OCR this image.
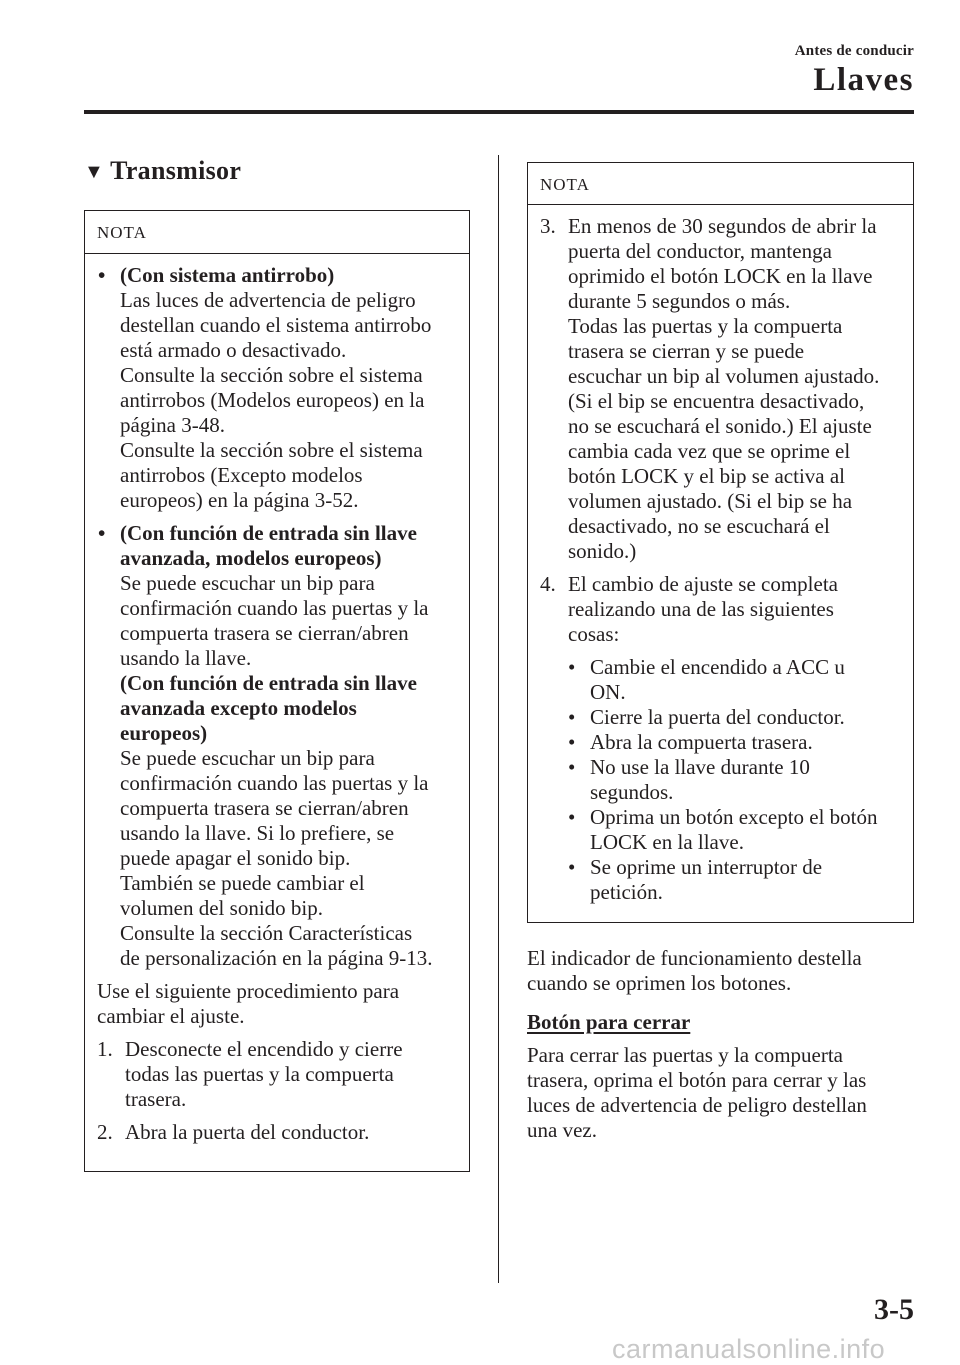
Antes de conducir
Llaves
▼ Transmisor
NOTA
• (Con sistema antirrobo)
Las luces de advertencia de peligro
destellan cuando el sistema antirrobo
está armado o desactivado.
Consulte la sección sobre el sistema
antirrobos (Modelos europeos) en la
página 3-48.
Consulte la sección sobre el sistema
antirrobos (Excepto modelos
europeos) en la página 3-52.
• (Con función de entrada sin llave
avanzada, modelos europeos)
Se puede escuchar un bip para
confirmación cuando las puertas y la
compuerta trasera se cierran/abren
usando la llave.
(Con función de entrada sin llave
avanzada excepto modelos
europeos)
Se puede escuchar un bip para
confirmación cuando las puertas y la
compuerta trasera se cierran/abren
usando la llave. Si lo prefiere, se
puede apagar el sonido bip.
También se puede cambiar el
volumen del sonido bip.
Consulte la sección Características
de personalización en la página 9-13.
Use el siguiente procedimiento para
cambiar el ajuste.
1. Desconecte el encendido y cierre
todas las puertas y la compuerta
trasera.
2. Abra la puerta del conductor.
NOTA
3. En menos de 30 segundos de abrir la
puerta del conductor, mantenga
oprimido el botón LOCK en la llave
durante 5 segundos o más.
Todas las puertas y la compuerta
trasera se cierran y se puede
escuchar un bip al volumen ajustado.
(Si el bip se encuentra desactivado,
no se escuchará el sonido.) El ajuste
cambia cada vez que se oprime el
botón LOCK y el bip se activa al
volumen ajustado. (Si el bip se ha
desactivado, no se escuchará el
sonido.)
4. El cambio de ajuste se completa
realizando una de las siguientes
cosas:
• Cambie el encendido a ACC u
ON.
• Cierre la puerta del conductor.
• Abra la compuerta trasera.
• No use la llave durante 10
segundos.
• Oprima un botón excepto el botón
LOCK en la llave.
• Se oprime un interruptor de
petición.
El indicador de funcionamiento destella
cuando se oprimen los botones.
Botón para cerrar
Para cerrar las puertas y la compuerta
trasera, oprima el botón para cerrar y las
luces de advertencia de peligro destellan
una vez.
3-5
carmanualsonline.info
